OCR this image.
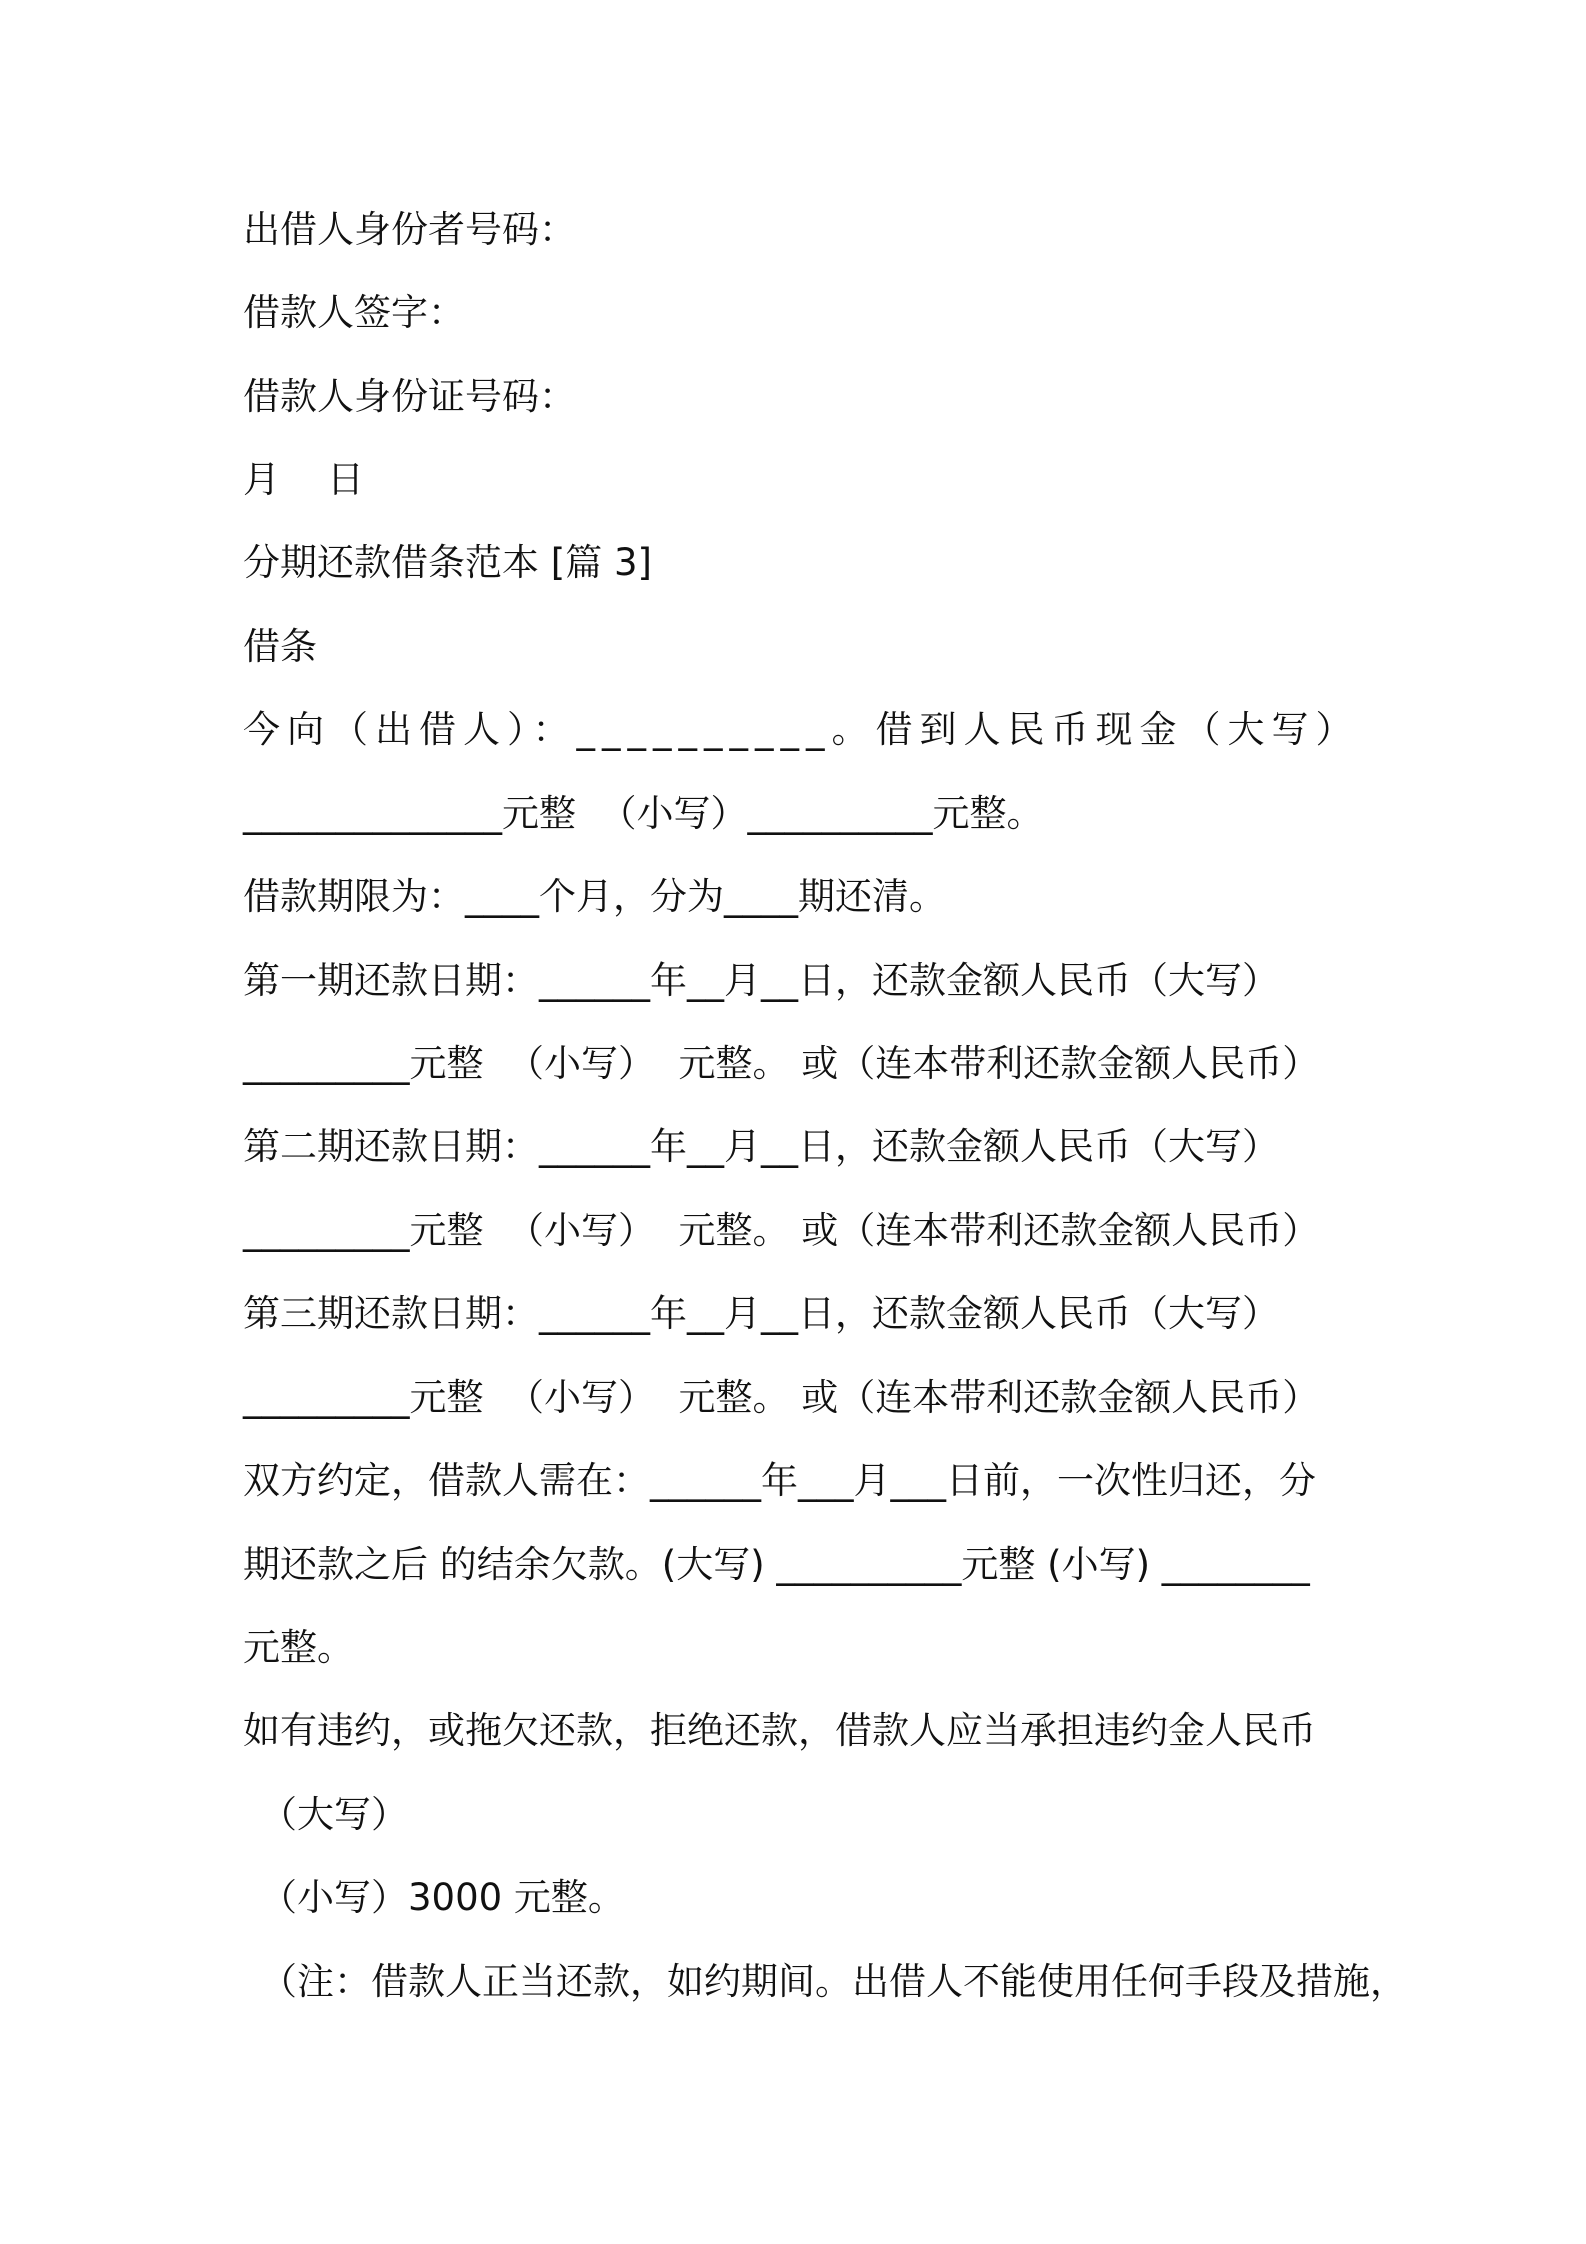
出借人身份者号码：

借款人签字：

借款人身份证号码：

月    日

分期还款借条范本 [篇 3]

借条

今向（出借人）：__________。借到人民币现金（大写）

______________元整  （小写）__________元整。

借款期限为：____个月，分为____期还清。

第一期还款日期：______年__月__日，还款金额人民币（大写）

_________元整  （小写）  元整。 或（连本带利还款金额人民币）

第二期还款日期：______年__月__日，还款金额人民币（大写）

_________元整  （小写）  元整。 或（连本带利还款金额人民币）

第三期还款日期：______年__月__日，还款金额人民币（大写）

_________元整  （小写）  元整。 或（连本带利还款金额人民币）

双方约定，借款人需在：______年___月___日前，一次性归还，分

期还款之后 的结余欠款。(大写) __________元整 (小写) ________

元整。

如有违约，或拖欠还款，拒绝还款，借款人应当承担违约金人民币

（大写）

（小写）3000 元整。

（注：借款人正当还款，如约期间。出借人不能使用任何手段及措施，
